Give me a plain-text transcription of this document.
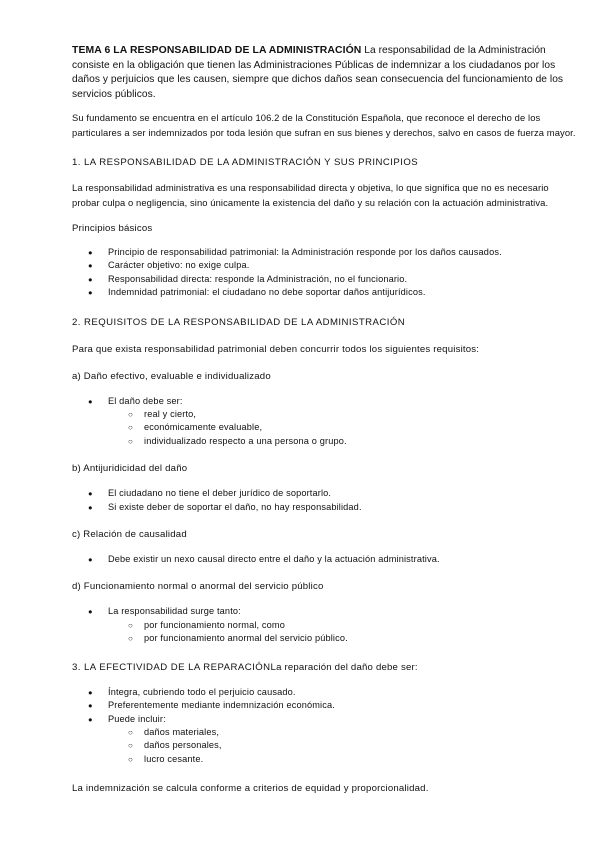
TEMA 6 LA RESPONSABILIDAD DE LA ADMINISTRACIÓN La responsabilidad de la Administración consiste en la obligación que tienen las Administraciones Públicas de indemnizar a los ciudadanos por los daños y perjuicios que les causen, siempre que dichos daños sean consecuencia del funcionamiento de los servicios públicos.

Su fundamento se encuentra en el artículo 106.2 de la Constitución Española, que reconoce el derecho de los particulares a ser indemnizados por toda lesión que sufran en sus bienes y derechos, salvo en casos de fuerza mayor.

1. LA RESPONSABILIDAD DE LA ADMINISTRACIÓN Y SUS PRINCIPIOS

La responsabilidad administrativa es una responsabilidad directa y objetiva, lo que significa que no es necesario probar culpa o negligencia, sino únicamente la existencia del daño y su relación con la actuación administrativa.

Principios básicos

● Principio de responsabilidad patrimonial: la Administración responde por los daños causados.
● Carácter objetivo: no exige culpa.
● Responsabilidad directa: responde la Administración, no el funcionario.
● Indemnidad patrimonial: el ciudadano no debe soportar daños antijurídicos.

2. REQUISITOS DE LA RESPONSABILIDAD DE LA ADMINISTRACIÓN

Para que exista responsabilidad patrimonial deben concurrir todos los siguientes requisitos:

a) Daño efectivo, evaluable e individualizado

● El daño debe ser:
○ real y cierto,
○ económicamente evaluable,
○ individualizado respecto a una persona o grupo.

b) Antijuridicidad del daño

● El ciudadano no tiene el deber jurídico de soportarlo.
● Si existe deber de soportar el daño, no hay responsabilidad.

c) Relación de causalidad

● Debe existir un nexo causal directo entre el daño y la actuación administrativa.

d) Funcionamiento normal o anormal del servicio público

● La responsabilidad surge tanto:
○ por funcionamiento normal, como
○ por funcionamiento anormal del servicio público.

3. LA EFECTIVIDAD DE LA REPARACIÓNLa reparación del daño debe ser:

● Íntegra, cubriendo todo el perjuicio causado.
● Preferentemente mediante indemnización económica.
● Puede incluir:
○ daños materiales,
○ daños personales,
○ lucro cesante.

La indemnización se calcula conforme a criterios de equidad y proporcionalidad.
